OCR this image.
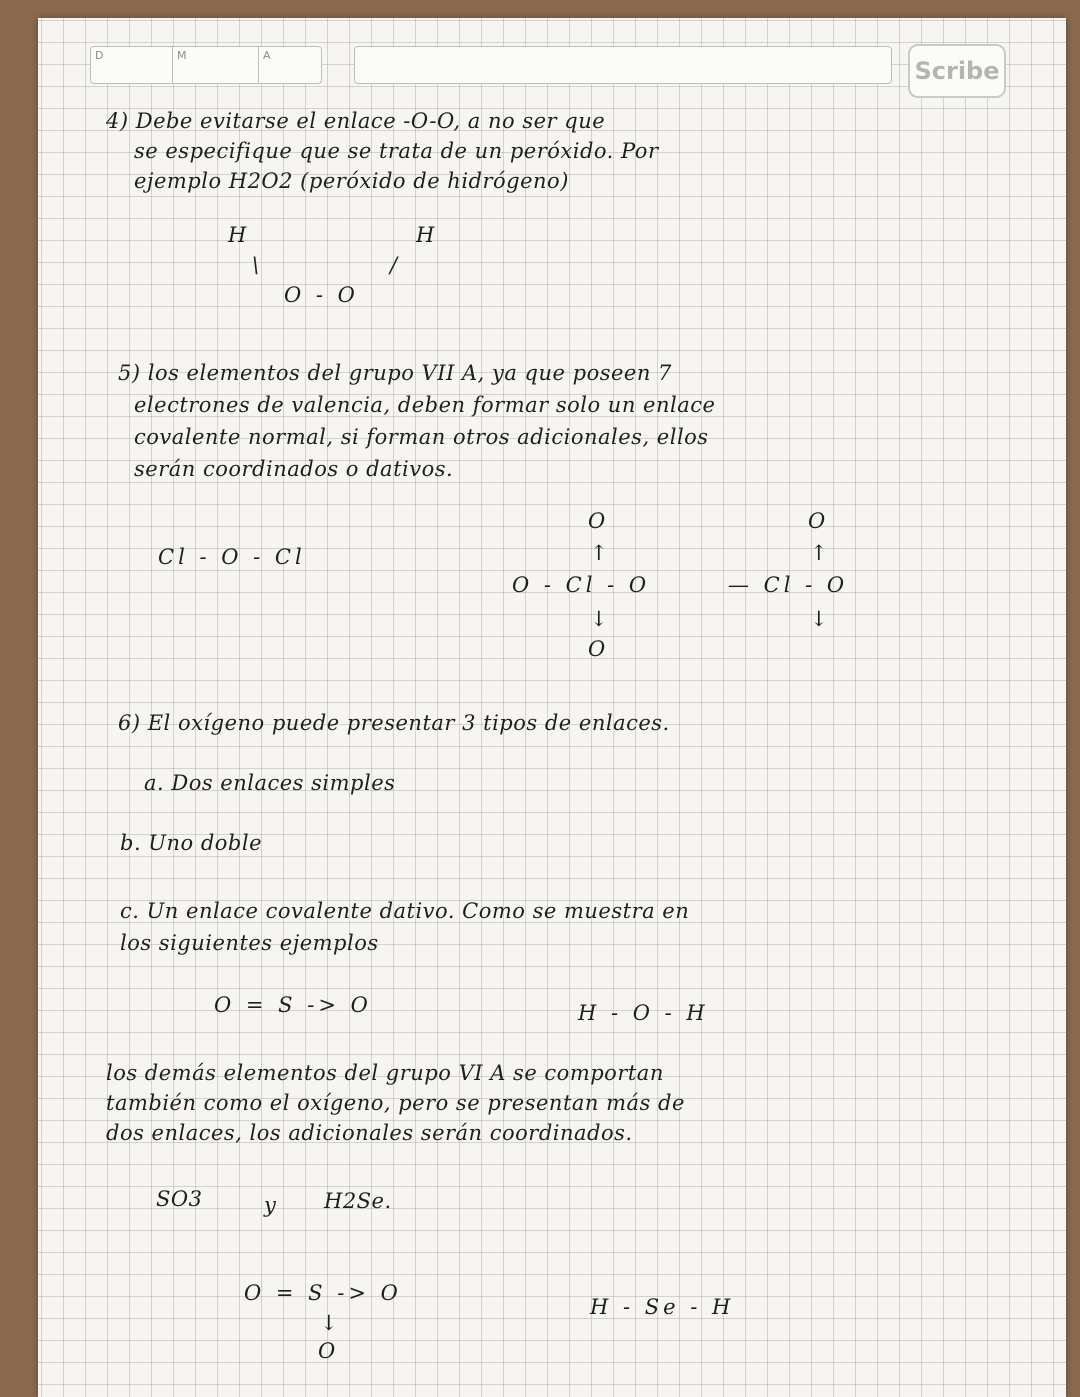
D	M	A
Scribe

4) Debe evitarse el enlace -O-O, a no ser que

se especifique que se trata de un peróxido. Por

ejemplo H2O2 (peróxido de hidrógeno)

H	H

\	/

O - O

5) los elementos del grupo VII A, ya que poseen 7

electrones de valencia, deben formar solo un enlace

covalente normal, si forman otros adicionales, ellos

serán coordinados o dativos.

Cl - O - Cl

O

↑

O - Cl - O

↓

O

O

↑

— Cl - O

↓

6) El oxígeno puede presentar 3 tipos de enlaces.

a. Dos enlaces simples

b. Uno doble

c. Un enlace covalente dativo. Como se muestra en

los siguientes ejemplos

O = S -> O	H - O - H

los demás elementos del grupo VI A se comportan

también como el oxígeno, pero se presentan más de

dos enlaces, los adicionales serán coordinados.

SO3	y H2Se.

O = S -> O

↓

O

H - Se - H
